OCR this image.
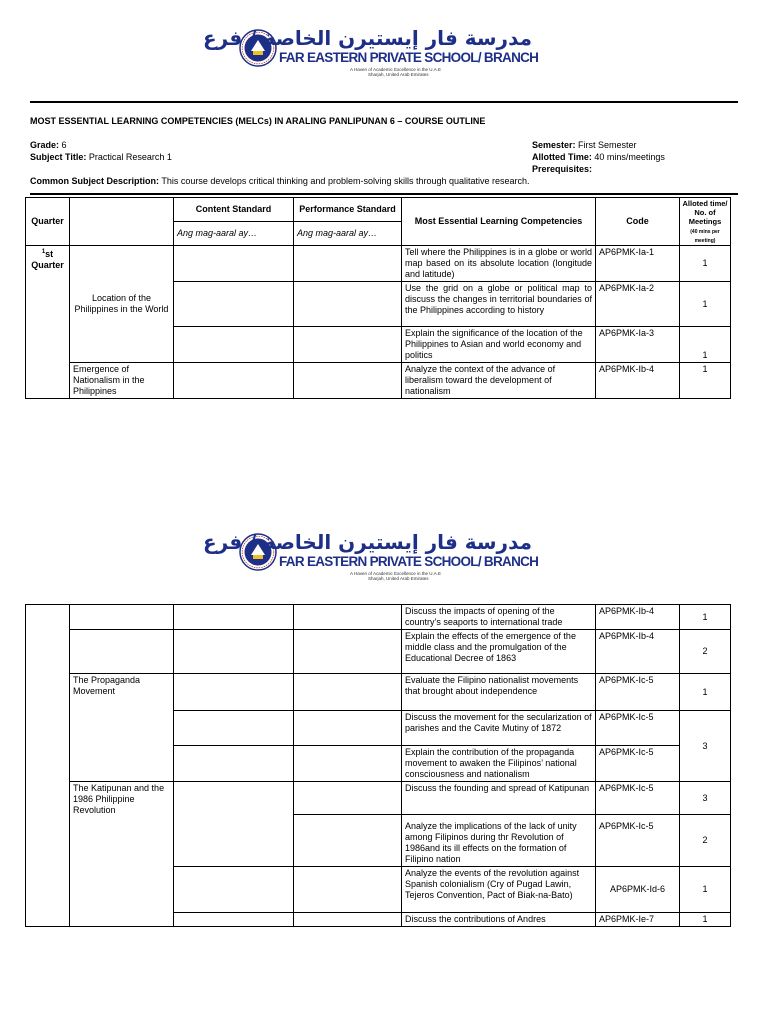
مدرسة فار إيستيرن الخاصة / فرع
FAR EASTERN PRIVATE SCHOOL/ BRANCH
A Haven of Academic Excellence in the U.A.E
Sharjah, United Arab Emirates
MOST ESSENTIAL LEARNING COMPETENCIES (MELCs) IN ARALING PANLIPUNAN 6 – COURSE OUTLINE
Grade: 6
Subject Title: Practical Research 1
Semester: First Semester
Allotted Time: 40 mins/meetings
Prerequisites:
Common Subject Description: This course develops critical thinking and problem-solving skills through qualitative research.
Quarter		Content Standard	Performance Standard	Most Essential Learning Competencies	Code	Alloted time/ No. of Meetings
(40 mins per meeting)
		Ang mag-aaral ay…	Ang mag-aaral ay…			
$^1$st Quarter	Location of the Philippines in the World			Tell where the Philippines is in a globe or world map based on its absolute location (longitude and latitude)	AP6PMK-Ia-1	1
				Use the grid on a globe or political map to discuss the changes in territorial boundaries of the Philippines according to history	AP6PMK-Ia-2	1
				Explain the significance of the location of the Philippines to Asian and world economy and politics	AP6PMK-Ia-3	1
	Emergence of Nationalism in the Philippines			Analyze the context of the advance of liberalism toward the development of nationalism	AP6PMK-Ib-4	1
مدرسة فار إيستيرن الخاصة / فرع
FAR EASTERN PRIVATE SCHOOL/ BRANCH
A Haven of Academic Excellence in the U.A.E
Sharjah, United Arab Emirates
				Discuss the impacts of opening of the country’s seaports to international trade	AP6PMK-Ib-4	1
				Explain the effects of the emergence of the middle class and the promulgation of the Educational Decree of 1863	AP6PMK-Ib-4	2
	The Propaganda Movement			Evaluate the Filipino nationalist movements that brought about independence	AP6PMK-Ic-5	1
				Discuss the movement for the secularization of parishes and the Cavite Mutiny of 1872	AP6PMK-Ic-5	3
				Explain the contribution of the propaganda movement to awaken the Filipinos’ national consciousness and nationalism	AP6PMK-Ic-5	
	The Katipunan and the 1986 Philippine Revolution			Discuss the founding and spread of Katipunan	AP6PMK-Ic-5	3
				Analyze the implications of the lack of unity among Filipinos during thr Revolution of 1986and its ill effects on the formation of Filipino nation	AP6PMK-Ic-5	2
				Analyze the events of the revolution against Spanish colonialism (Cry of Pugad Lawin, Tejeros Convention, Pact of Biak-na-Bato)	AP6PMK-Id-6	1
				Discuss the contributions of Andres	AP6PMK-Ie-7	1
